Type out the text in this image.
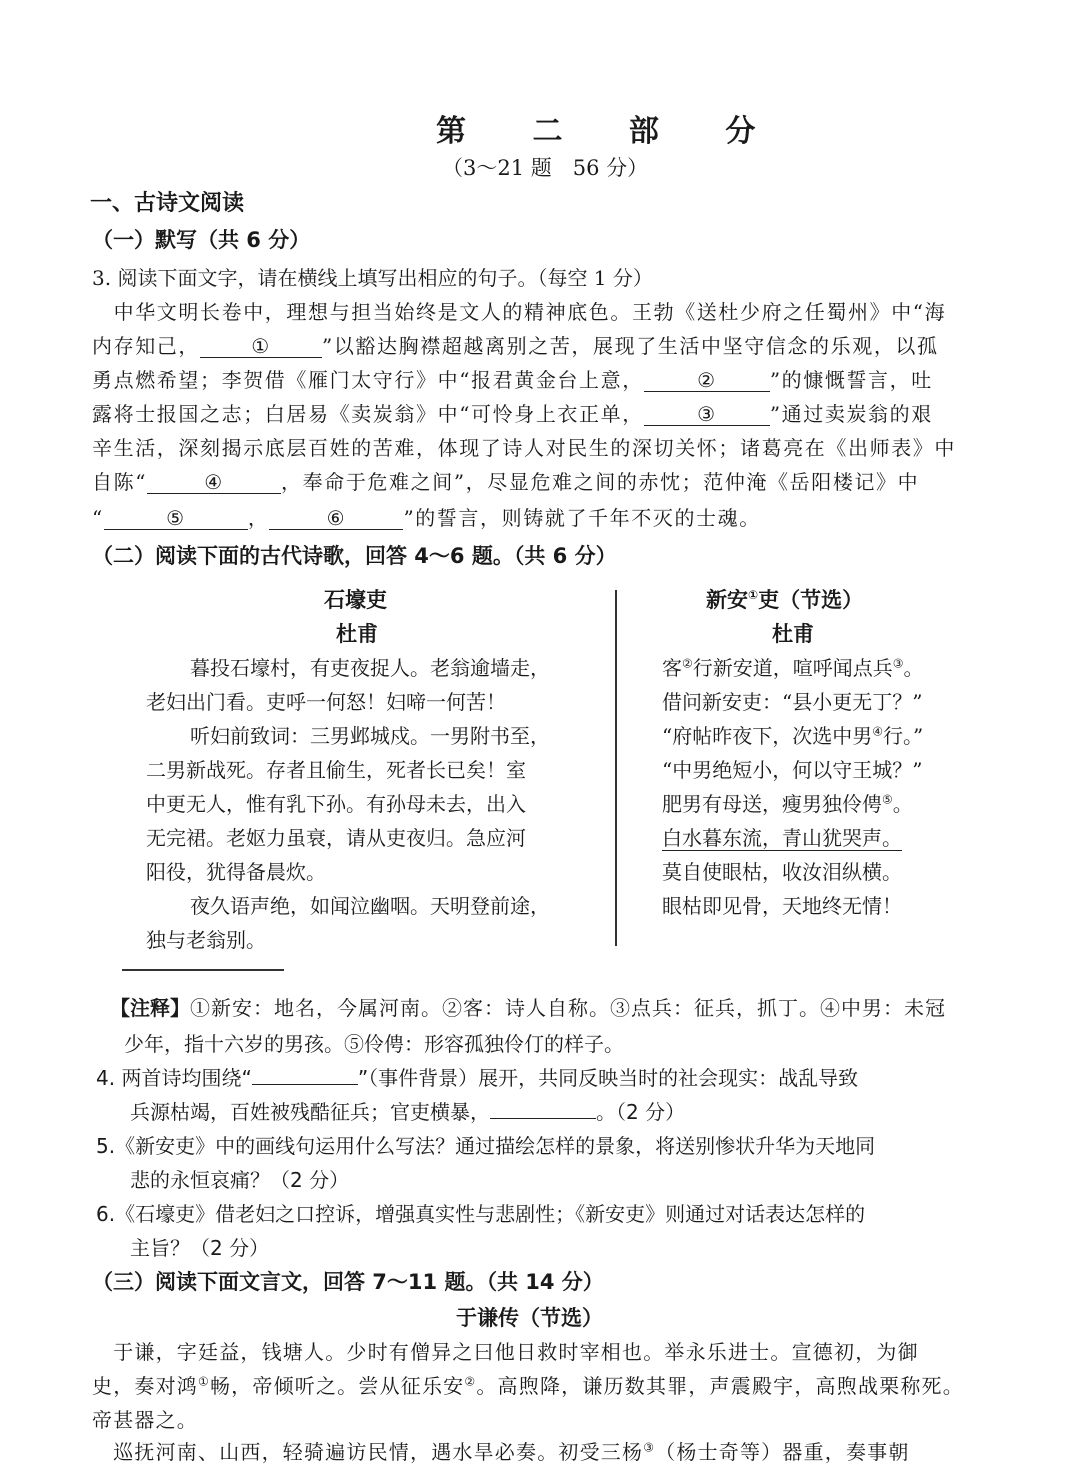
第 二 部 分
（3～21 题　56 分）
一、古诗文阅读
（一）默写（共 6 分）
3. 阅读下面文字，请在横线上填写出相应的句子。（每空 1 分）
　中华文明长卷中，理想与担当始终是文人的精神底色。王勃《送杜少府之任蜀州》中“海
内存知己，	①	”以豁达胸襟超越离别之苦，展现了生活中坚守信念的乐观，以孤
勇点燃希望；李贺借《雁门太守行》中“报君黄金台上意，	②	”的慷慨誓言，吐
露将士报国之志；白居易《卖炭翁》中“可怜身上衣正单，	③	”通过卖炭翁的艰
辛生活，深刻揭示底层百姓的苦难，体现了诗人对民生的深切关怀；诸葛亮在《出师表》中
自陈“	④	，奉命于危难之间”，尽显危难之间的赤忱；范仲淹《岳阳楼记》中
“	⑤	，	⑥	”的誓言，则铸就了千年不灭的士魂。
（二）阅读下面的古代诗歌，回答 4～6 题。（共 6 分）
石壕吏
杜甫
暮投石壕村，有吏夜捉人。老翁逾墙走，
老妇出门看。吏呼一何怒！妇啼一何苦！
听妇前致词：三男邺城戍。一男附书至，
二男新战死。存者且偷生，死者长已矣！室
中更无人，惟有乳下孙。有孙母未去，出入
无完裙。老妪力虽衰，请从吏夜归。急应河
阳役，犹得备晨炊。
夜久语声绝，如闻泣幽咽。天明登前途，
独与老翁别。
新安①吏（节选）
杜甫
客②行新安道，喧呼闻点兵③。
借问新安吏：“县小更无丁？”
“府帖昨夜下，次选中男④行。”
“中男绝短小，何以守王城？”
肥男有母送，瘦男独伶俜⑤。
白水暮东流，青山犹哭声。
莫自使眼枯，收汝泪纵横。
眼枯即见骨，天地终无情！
【注释】①新安：地名，今属河南。②客：诗人自称。③点兵：征兵，抓丁。④中男：未冠
少年，指十六岁的男孩。⑤伶俜：形容孤独伶仃的样子。
4. 两首诗均围绕“	”（事件背景）展开，共同反映当时的社会现实：战乱导致
兵源枯竭，百姓被残酷征兵；官吏横暴，	。（2 分）
5.《新安吏》中的画线句运用什么写法？通过描绘怎样的景象，将送别惨状升华为天地同
悲的永恒哀痛？（2 分）
6.《石壕吏》借老妇之口控诉，增强真实性与悲剧性；《新安吏》则通过对话表达怎样的
主旨？（2 分）
（三）阅读下面文言文，回答 7～11 题。（共 14 分）
于谦传（节选）
　于谦，字廷益，钱塘人。少时有僧异之曰他日救时宰相也。举永乐进士。宣德初，为御
史，奏对鸿①畅，帝倾听之。尝从征乐安②。高煦降，谦历数其罪，声震殿宇，高煦战栗称死。
帝甚器之。
　巡抚河南、山西，轻骑遍访民情，遇水旱必奏。初受三杨③（杨士奇等）器重，奏事朝
